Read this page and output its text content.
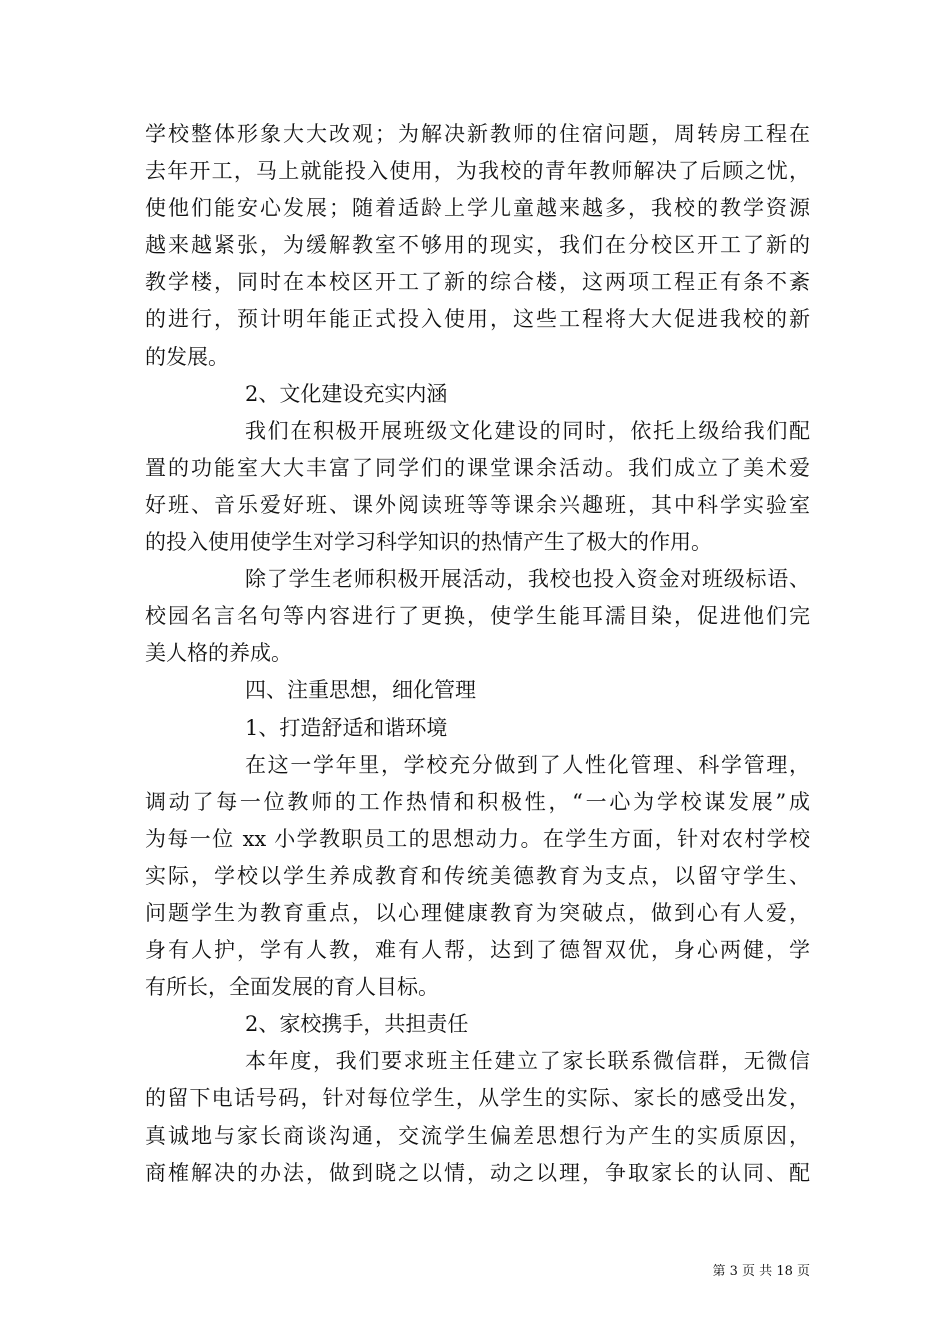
学校整体形象大大改观；为解决新教师的住宿问题，周转房工程在
去年开工，马上就能投入使用，为我校的青年教师解决了后顾之忧，
使他们能安心发展；随着适龄上学儿童越来越多，我校的教学资源
越来越紧张，为缓解教室不够用的现实，我们在分校区开工了新的
教学楼，同时在本校区开工了新的综合楼，这两项工程正有条不紊
的进行，预计明年能正式投入使用，这些工程将大大促进我校的新
的发展。
2、文化建设充实内涵
我们在积极开展班级文化建设的同时，依托上级给我们配
置的功能室大大丰富了同学们的课堂课余活动。我们成立了美术爱
好班、音乐爱好班、课外阅读班等等课余兴趣班，其中科学实验室
的投入使用使学生对学习科学知识的热情产生了极大的作用。
除了学生老师积极开展活动，我校也投入资金对班级标语、
校园名言名句等内容进行了更换，使学生能耳濡目染，促进他们完
美人格的养成。
四、注重思想，细化管理
1、打造舒适和谐环境
在这一学年里，学校充分做到了人性化管理、科学管理，
调动了每一位教师的工作热情和积极性，“一心为学校谋发展”成
为每一位 xx 小学教职员工的思想动力。在学生方面，针对农村学校
实际，学校以学生养成教育和传统美德教育为支点，以留守学生、
问题学生为教育重点，以心理健康教育为突破点，做到心有人爱，
身有人护，学有人教，难有人帮，达到了德智双优，身心两健，学
有所长，全面发展的育人目标。
2、家校携手，共担责任
本年度，我们要求班主任建立了家长联系微信群，无微信
的留下电话号码，针对每位学生，从学生的实际、家长的感受出发，
真诚地与家长商谈沟通，交流学生偏差思想行为产生的实质原因，
商榷解决的办法，做到晓之以情，动之以理，争取家长的认同、配
第 3 页 共 18 页
